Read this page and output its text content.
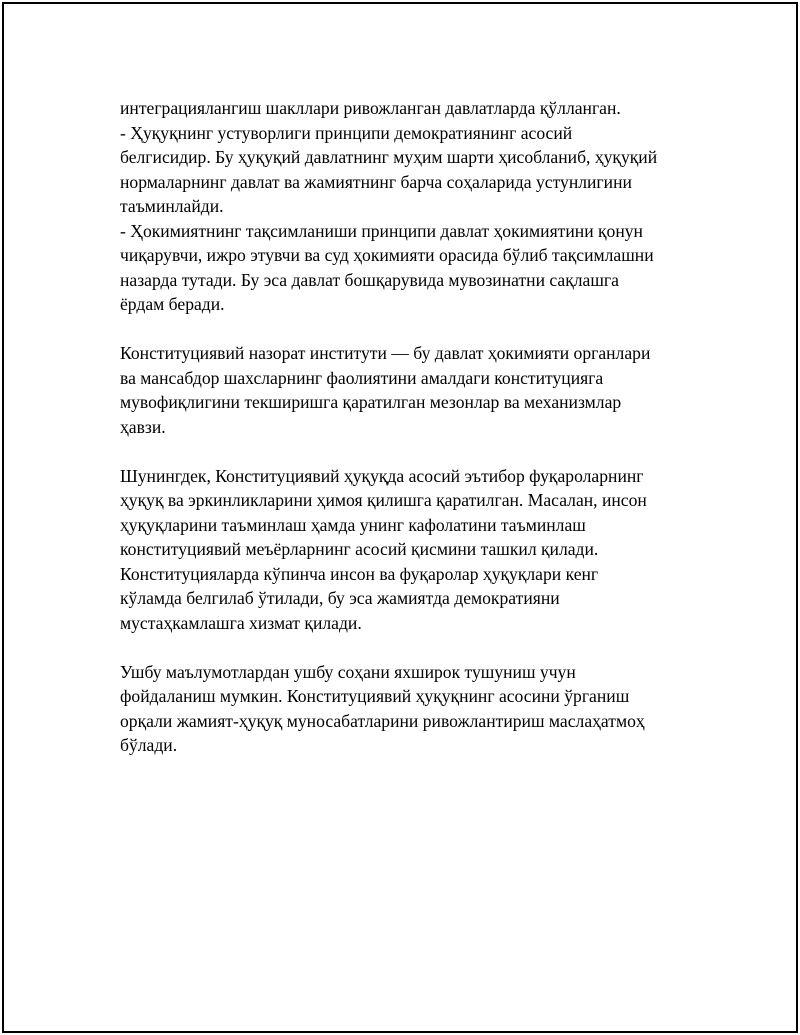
интеграциялангиш шакллари ривожланган давлатларда қўлланган.
- Ҳуқуқнинг устуворлиги принципи демократиянинг асосий
белгисидир. Бу ҳуқуқий давлатнинг муҳим шарти ҳисобланиб, ҳуқуқий
нормаларнинг давлат ва жамиятнинг барча соҳаларида устунлигини
таъминлайди.
- Ҳокимиятнинг тақсимланиши принципи давлат ҳокимиятини қонун
чиқарувчи, ижро этувчи ва суд ҳокимияти орасида бўлиб тақсимлашни
назарда тутади. Бу эса давлат бошқарувида мувозинатни сақлашга
ёрдам беради.

Конституциявий назорат институти — бу давлат ҳокимияти органлари
ва мансабдор шахсларнинг фаолиятини амалдаги конституцияга
мувофиқлигини текширишга қаратилган мезонлар ва механизмлар
ҳавзи.

Шунингдек, Конституциявий ҳуқуқда асосий эътибор фуқароларнинг
ҳуқуқ ва эркинликларини ҳимоя қилишга қаратилган. Масалан, инсон
ҳуқуқларини таъминлаш ҳамда унинг кафолатини таъминлаш
конституциявий меъёрларнинг асосий қисмини ташкил қилади.
Конституцияларда кўпинча инсон ва фуқаролар ҳуқуқлари кенг
кўламда белгилаб ўтилади, бу эса жамиятда демократияни
мустаҳкамлашга хизмат қилади.

Ушбу маълумотлардан ушбу соҳани яхширок тушуниш учун
фойдаланиш мумкин. Конституциявий ҳуқуқнинг асосини ўрганиш
орқали жамият-ҳуқуқ муносабатларини ривожлантириш маслаҳатмоҳ
бўлади.
